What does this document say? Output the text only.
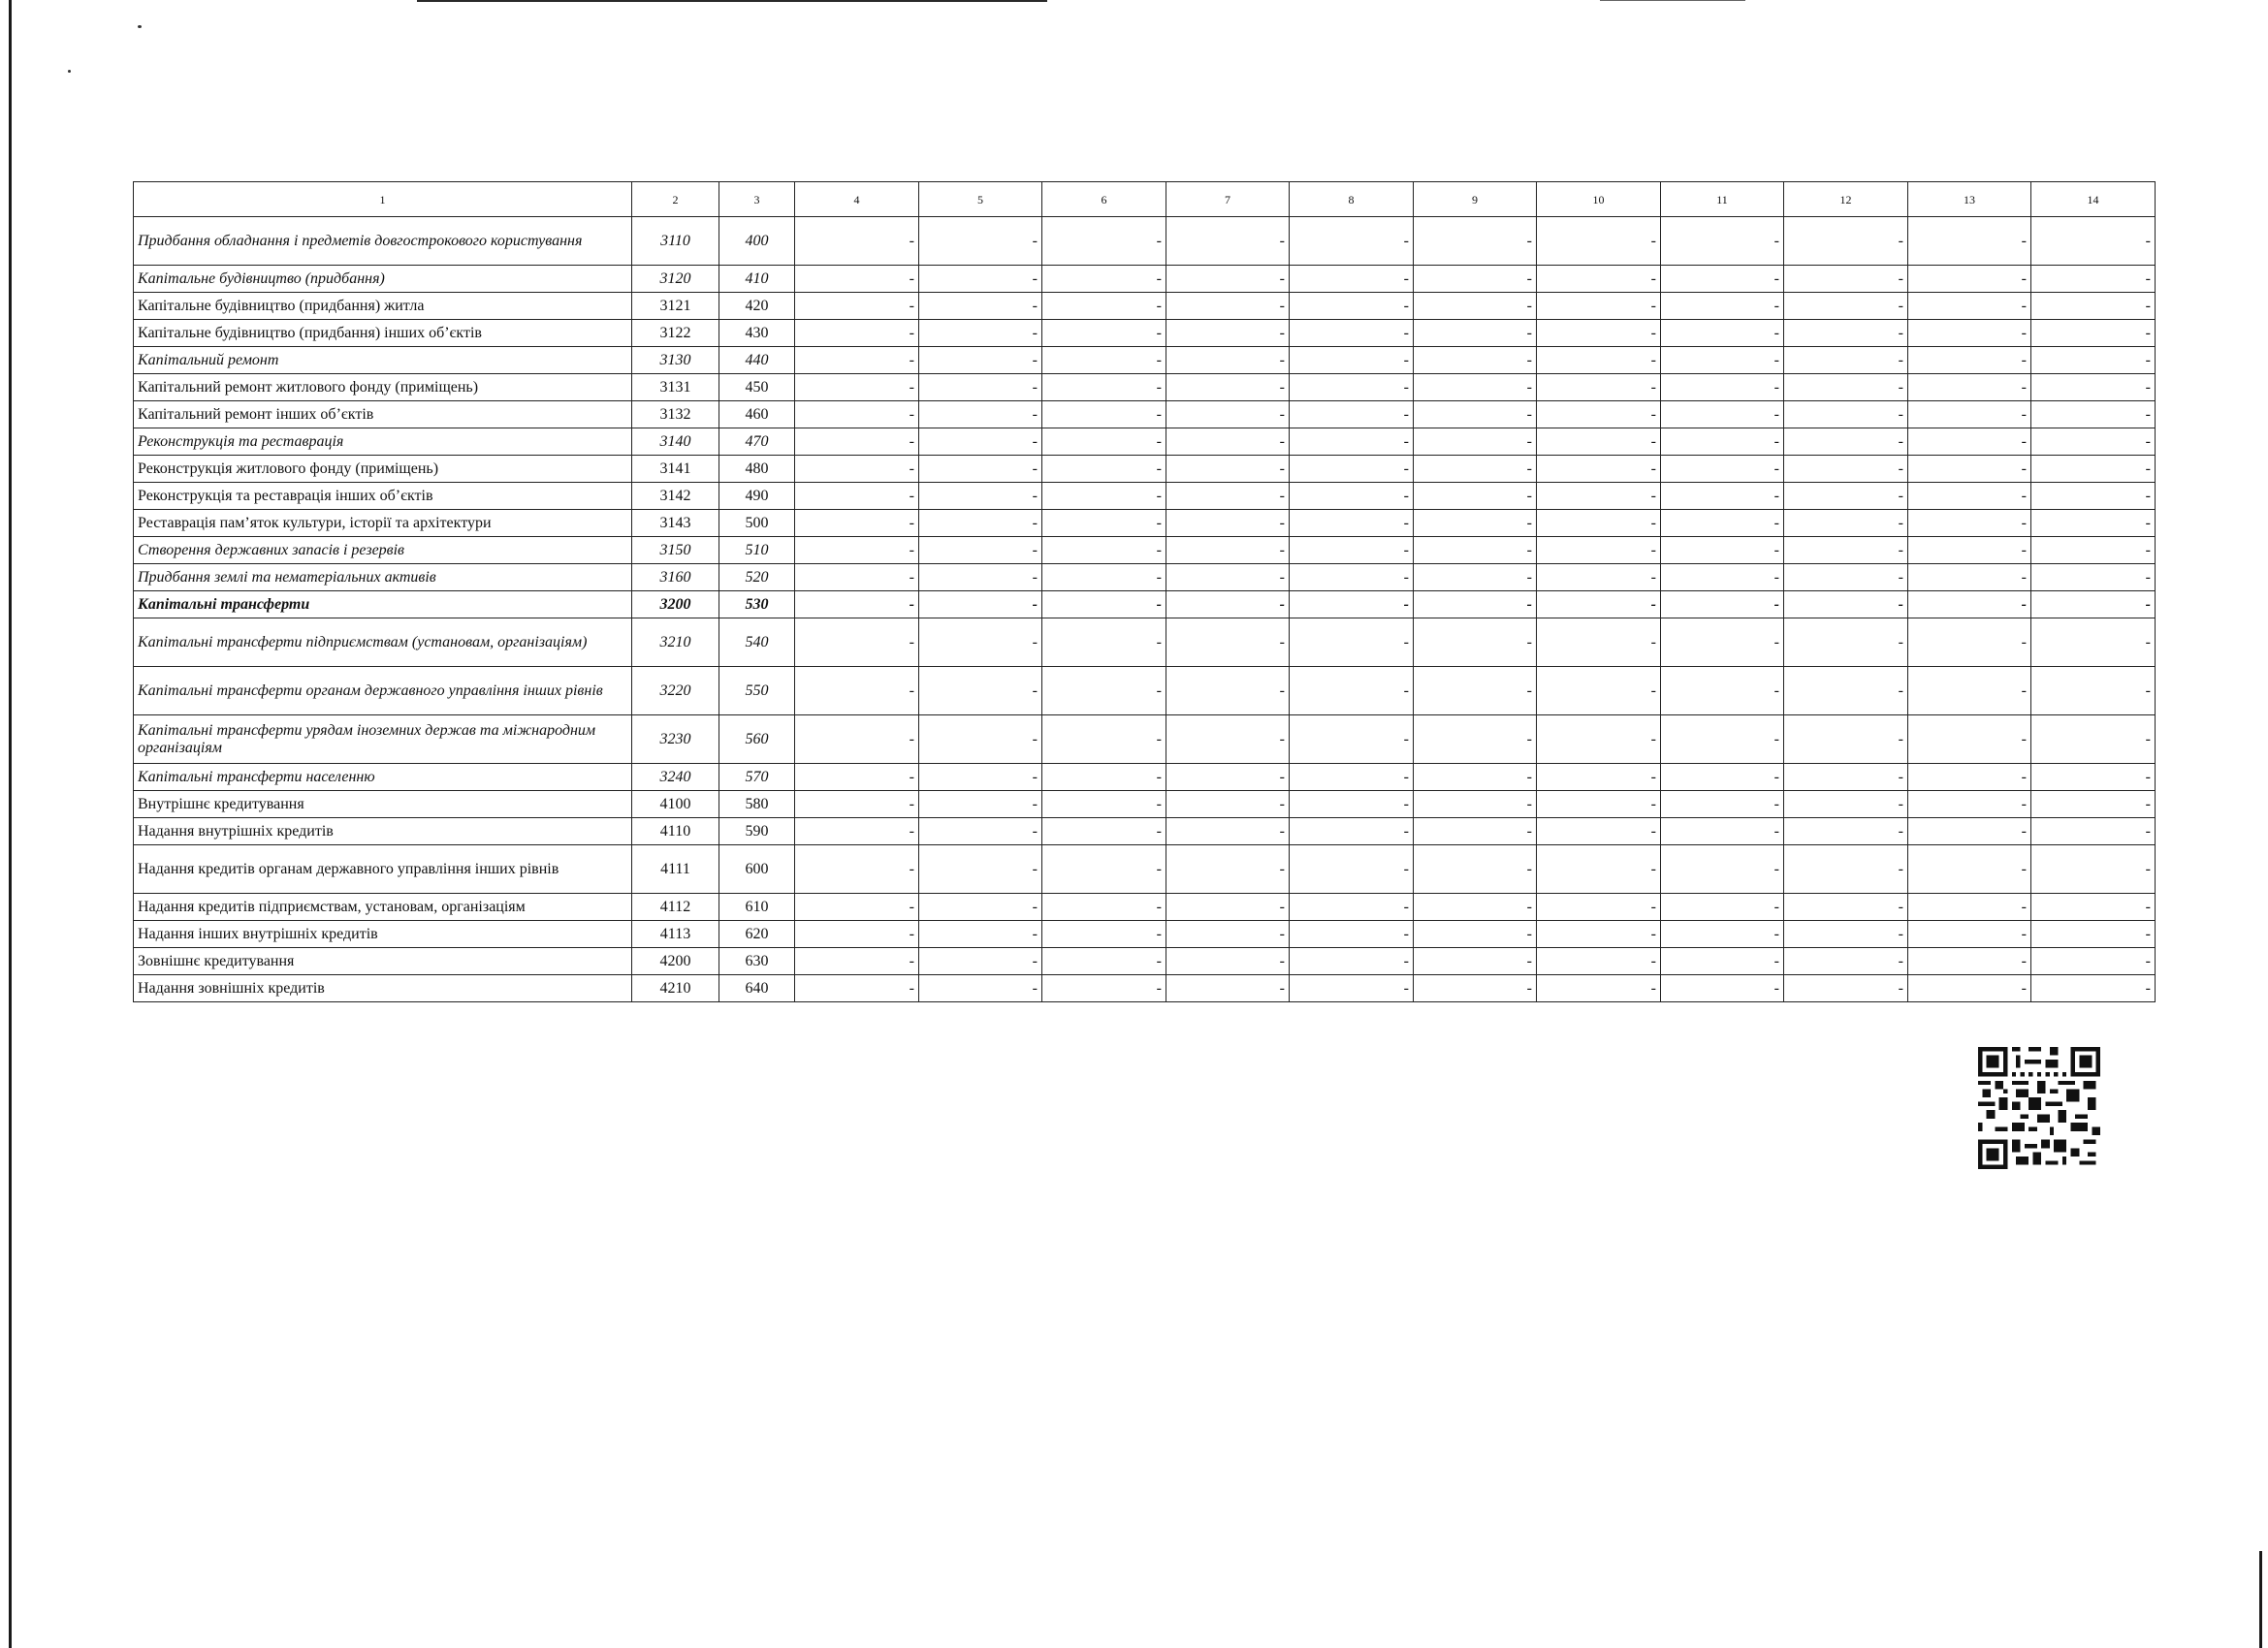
1	2	3	4	5	6	7	8	9	10	11	12	13	14
Придбання обладнання і предметів довгострокового користування	3110	400	-	-	-	-	-	-	-	-	-	-	-
Капітальне будівництво (придбання)	3120	410	-	-	-	-	-	-	-	-	-	-	-
Капітальне будівництво (придбання) житла	3121	420	-	-	-	-	-	-	-	-	-	-	-
Капітальне будівництво (придбання) інших об’єктів	3122	430	-	-	-	-	-	-	-	-	-	-	-
Капітальний ремонт	3130	440	-	-	-	-	-	-	-	-	-	-	-
Капітальний ремонт житлового фонду (приміщень)	3131	450	-	-	-	-	-	-	-	-	-	-	-
Капітальний ремонт інших об’єктів	3132	460	-	-	-	-	-	-	-	-	-	-	-
Реконструкція та реставрація	3140	470	-	-	-	-	-	-	-	-	-	-	-
Реконструкція житлового фонду (приміщень)	3141	480	-	-	-	-	-	-	-	-	-	-	-
Реконструкція та реставрація інших об’єктів	3142	490	-	-	-	-	-	-	-	-	-	-	-
Реставрація пам’яток культури, історії та архітектури	3143	500	-	-	-	-	-	-	-	-	-	-	-
Створення державних запасів і резервів	3150	510	-	-	-	-	-	-	-	-	-	-	-
Придбання землі та нематеріальних активів	3160	520	-	-	-	-	-	-	-	-	-	-	-
Капітальні трансферти	3200	530	-	-	-	-	-	-	-	-	-	-	-
Капітальні трансферти підприємствам (установам, організаціям)	3210	540	-	-	-	-	-	-	-	-	-	-	-
Капітальні трансферти органам державного управління інших рівнів	3220	550	-	-	-	-	-	-	-	-	-	-	-
Капітальні трансферти урядам іноземних держав та міжнародним організаціям	3230	560	-	-	-	-	-	-	-	-	-	-	-
Капітальні трансферти населенню	3240	570	-	-	-	-	-	-	-	-	-	-	-
Внутрішнє кредитування	4100	580	-	-	-	-	-	-	-	-	-	-	-
Надання внутрішніх кредитів	4110	590	-	-	-	-	-	-	-	-	-	-	-
Надання кредитів органам державного управління інших рівнів	4111	600	-	-	-	-	-	-	-	-	-	-	-
Надання кредитів підприємствам, установам, організаціям	4112	610	-	-	-	-	-	-	-	-	-	-	-
Надання інших внутрішніх кредитів	4113	620	-	-	-	-	-	-	-	-	-	-	-
Зовнішнє кредитування	4200	630	-	-	-	-	-	-	-	-	-	-	-
Надання зовнішніх кредитів	4210	640	-	-	-	-	-	-	-	-	-	-	-
